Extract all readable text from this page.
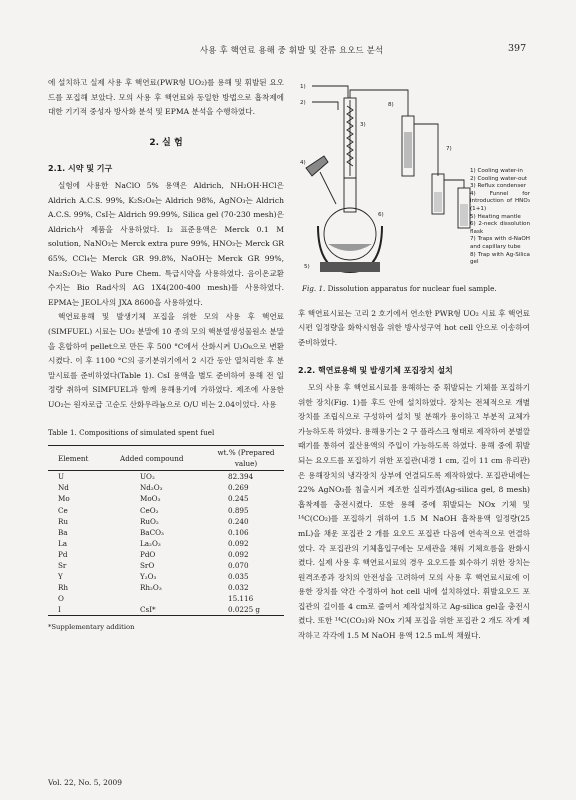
사용 후 핵연료 용해 중 휘발 및 잔류 요오드 분석	397

에 설치하고 실제 사용 후 핵연료(PWR형 UO₂)를 용해 및 휘발된 요오드를 포집해 보았다. 모의 사용 후 핵연료와 동일한 방법으로 흡착제에 대한 기기적 중성자 방사화 분석 및 EPMA 분석을 수행하였다.

2. 실 험
2.1. 시약 및 기구

실험에 사용한 NaClO 5% 용액은 Aldrich, NH₂OH·HCl은 Aldrich A.C.S. 99%, K₂S₂O₈는 Aldrich 98%, AgNO₃는 Aldrich A.C.S. 99%, CsI는 Aldrich 99.99%, Silica gel (70-230 mesh)은 Aldrich사 제품을 사용하였다. I₂ 표준용액은 Merck 0.1 M solution, NaNO₃는 Merck extra pure 99%, HNO₃는 Merck GR 65%, CCl₄는 Merck GR 99.8%, NaOH는 Merck GR 99%, Na₂S₂O₃는 Wako Pure Chem. 특급시약을 사용하였다. 음이온교환수지는 Bio Rad사의 AG 1X4(200-400 mesh)를 사용하였다. EPMA는 JEOL사의 JXA 8600을 사용하였다.

핵연료용해 및 발생기체 포집을 위한 모의 사용 후 핵연료(SIMFUEL) 시료는 UO₂ 분말에 10 종의 모의 핵분열생성물원소 분말을 혼합하여 pellet으로 만든 후 500 °C에서 산화시켜 U₃O₈으로 변환시켰다. 이 후 1100 °C의 공기분위기에서 2 시간 동안 열처리한 후 분말시료를 준비하였다(Table 1). CsI 용액을 별도 준비하여 용해 전 일정량 취하여 SIMFUEL과 함께 용해용기에 가하였다. 제조에 사용한 UO₂는 원자로급 고순도 산화우라늄으로 O/U 비는 2.04이었다. 사용

Table 1. Compositions of simulated spent fuel
Element	Added compound	wt.% (Prepared value)
U	UO₂	82.394
Nd	Nd₂O₃	0.269
Mo	MoO₃	0.245
Ce	CeO₂	0.895
Ru	RuO₂	0.240
Ba	BaCO₃	0.106
La	La₂O₃	0.092
Pd	PdO	0.092
Sr	SrO	0.070
Y	Y₂O₃	0.035
Rh	Rh₂O₃	0.032
O		15.116
I	CsI*	0.0225 g
*Supplementary addition
Vol. 22, No. 5, 2009
1)
2)
3)
4)
5)
6)
7)
8)
1) Cooling water-in
2) Cooling water-out
3) Reflux condenser
4) Funnel for introduction of HNO₃ (1+1)
5) Heating mantle
6) 2-neck dissolution flask
7) Traps with d-NaOH and capillary tube
8) Trap with Ag-Silica gel
Fig. 1. Dissolution apparatus for nuclear fuel sample.

후 핵연료시료는 고리 2 호기에서 연소한 PWR형 UO₂ 시료 후 핵연료 시편 일정량을 화학시험을 위한 방사성구역 hot cell 안으로 이송하여 준비하였다.

2.2. 핵연료용해 및 발생기체 포집장치 설치

모의 사용 후 핵연료시료를 용해하는 중 휘발되는 기체를 포집하기 위한 장치(Fig. 1)를 후드 안에 설치하였다. 장치는 전체적으로 개별 장치를 조립식으로 구성하여 설치 및 분해가 용이하고 부분적 교체가 가능하도록 하였다. 용해용기는 2 구 플라스크 형태로 제작하여 분별깔때기를 통하여 질산용액의 주입이 가능하도록 하였다. 용해 중에 휘발되는 요오드를 포집하기 위한 포집관(내경 1 cm, 길이 11 cm 유리관)은 용해장치의 냉각장치 상부에 연결되도록 제작하였다. 포집관내에는 22% AgNO₃를 침출시켜 제조한 실리카겔(Ag-silica gel, 8 mesh) 흡착제를 충전시켰다. 또한 용해 중에 휘발되는 NOx 기체 및 ¹⁴C(CO₂)를 포집하기 위하여 1.5 M NaOH 흡착용액 일정량(25 mL)을 채운 포집관 2 개를 요오드 포집관 다음에 연속적으로 연결하였다. 각 포집관의 기체흡입구에는 모세관을 채워 기체흐름을 완화시켰다. 실제 사용 후 핵연료시료의 경우 요오드를 회수하기 위한 장치는 원격조종과 장치의 안전성을 고려하여 모의 사용 후 핵연료시료에 이용한 장치를 약간 수정하여 hot cell 내에 설치하였다. 휘발요오드 포집관의 길이를 4 cm로 줄여서 제작설치하고 Ag-silica gel을 충전시켰다. 또한 ¹⁴C(CO₂)와 NOx 기체 포집을 위한 포집관 2 개도 작게 제작하고 각각에 1.5 M NaOH 용액 12.5 mL씩 채웠다.
